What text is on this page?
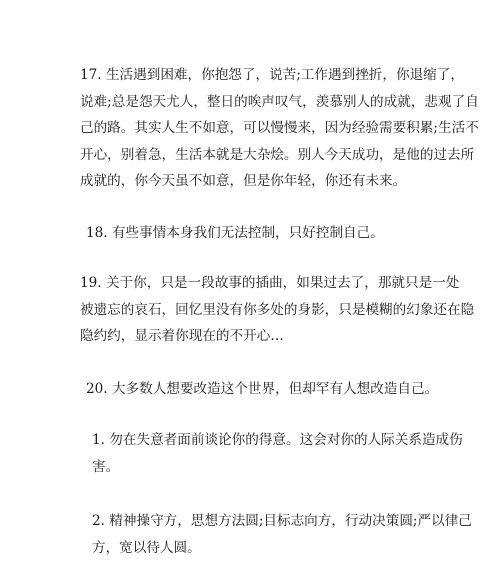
17. 生活遇到困难，你抱怨了，说苦;工作遇到挫折，你退缩了，
说难;总是怨天尤人，整日的唉声叹气，羡慕别人的成就，悲观了自
己的路。其实人生不如意，可以慢慢来，因为经验需要积累;生活不
开心，别着急，生活本就是大杂烩。别人今天成功，是他的过去所
成就的，你今天虽不如意，但是你年轻，你还有未来。

18. 有些事情本身我们无法控制，只好控制自己。

19. 关于你，只是一段故事的插曲，如果过去了，那就只是一处
被遗忘的哀石，回忆里没有你多处的身影，只是模糊的幻象还在隐
隐约约，显示着你现在的不开心…

20. 大多数人想要改造这个世界，但却罕有人想改造自己。

1. 勿在失意者面前谈论你的得意。这会对你的人际关系造成伤
害。

2. 精神操守方，思想方法圆;目标志向方，行动决策圆;严以律己
方，宽以待人圆。
